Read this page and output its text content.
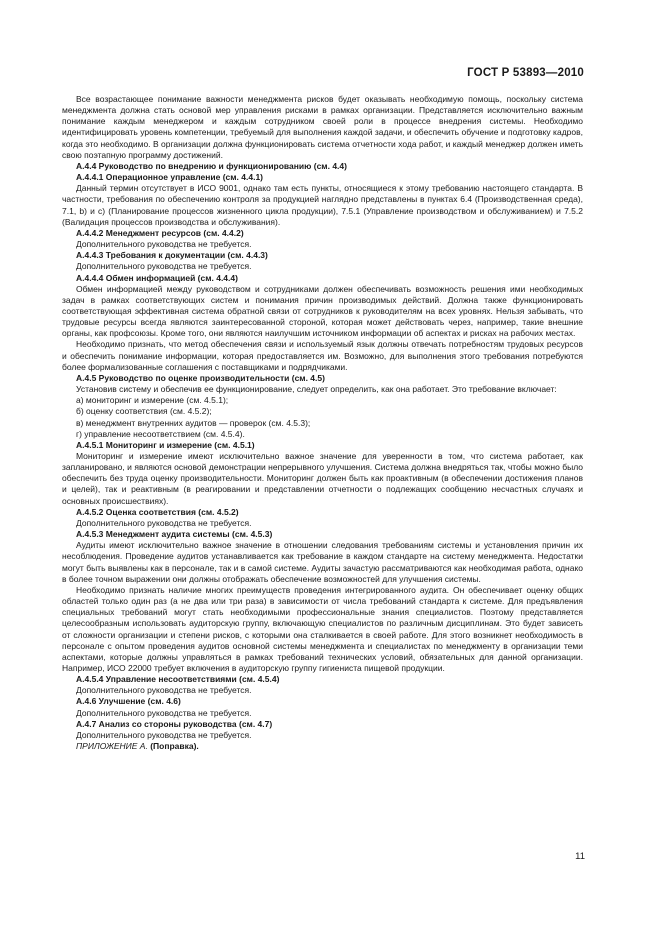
ГОСТ Р 53893—2010

Все возрастающее понимание важности менеджмента рисков будет оказывать необходимую помощь, поскольку система менеджмента должна стать основой мер управления рисками в рамках организации. Представляется исключительно важным понимание каждым менеджером и каждым сотрудником своей роли в процессе внедрения системы. Необходимо идентифицировать уровень компетенции, требуемый для выполнения каждой задачи, и обеспечить обучение и подготовку кадров, когда это необходимо. В организации должна функционировать система отчетности хода работ, и каждый менеджер должен иметь свою поэтапную программу достижений.

A.4.4 Руководство по внедрению и функционированию (см. 4.4)

A.4.4.1 Операционное управление (см. 4.4.1)

Данный термин отсутствует в ИСО 9001, однако там есть пункты, относящиеся к этому требованию настоящего стандарта. В частности, требования по обеспечению контроля за продукцией наглядно представлены в пунктах 6.4 (Производственная среда), 7.1, b) и с) (Планирование процессов жизненного цикла продукции), 7.5.1 (Управление производством и обслуживанием) и 7.5.2 (Валидация процессов производства и обслуживания).

A.4.4.2 Менеджмент ресурсов (см. 4.4.2)

Дополнительного руководства не требуется.

A.4.4.3 Требования к документации (см. 4.4.3)

Дополнительного руководства не требуется.

A.4.4.4 Обмен информацией (см. 4.4.4)

Обмен информацией между руководством и сотрудниками должен обеспечивать возможность решения ими необходимых задач в рамках соответствующих систем и понимания причин производимых действий. Должна также функционировать соответствующая эффективная система обратной связи от сотрудников к руководителям на всех уровнях. Нельзя забывать, что трудовые ресурсы всегда являются заинтересованной стороной, которая может действовать через, например, такие внешние органы, как профсоюзы. Кроме того, они являются наилучшим источником информации об аспектах и рисках на рабочих местах.

Необходимо признать, что метод обеспечения связи и используемый язык должны отвечать потребностям трудовых ресурсов и обеспечить понимание информации, которая предоставляется им. Возможно, для выполнения этого требования потребуются более формализованные соглашения с поставщиками и подрядчиками.

A.4.5 Руководство по оценке производительности (см. 4.5)

Установив систему и обеспечив ее функционирование, следует определить, как она работает. Это требование включает:

а) мониторинг и измерение (см. 4.5.1);

б) оценку соответствия (см. 4.5.2);

в) менеджмент внутренних аудитов — проверок (см. 4.5.3);

г) управление несоответствием (см. 4.5.4).

A.4.5.1 Мониторинг и измерение (см. 4.5.1)

Мониторинг и измерение имеют исключительно важное значение для уверенности в том, что система работает, как запланировано, и являются основой демонстрации непрерывного улучшения. Система должна внедряться так, чтобы можно было обеспечить без труда оценку производительности. Мониторинг должен быть как проактивным (в обеспечении достижения планов и целей), так и реактивным (в реагировании и представлении отчетности о подлежащих сообщению несчастных случаях и основных происшествиях).

A.4.5.2 Оценка соответствия (см. 4.5.2)

Дополнительного руководства не требуется.

A.4.5.3 Менеджмент аудита системы (см. 4.5.3)

Аудиты имеют исключительно важное значение в отношении следования требованиям системы и установления причин их несоблюдения. Проведение аудитов устанавливается как требование в каждом стандарте на систему менеджмента. Недостатки могут быть выявлены как в персонале, так и в самой системе. Аудиты зачастую рассматриваются как необходимая работа, однако в более точном выражении они должны отображать обеспечение возможностей для улучшения системы.

Необходимо признать наличие многих преимуществ проведения интегрированного аудита. Он обеспечивает оценку общих областей только один раз (а не два или три раза) в зависимости от числа требований стандарта к системе. Для предъявления специальных требований могут стать необходимыми профессиональные знания специалистов. Поэтому представляется целесообразным использовать аудиторскую группу, включающую специалистов по различным дисциплинам. Это будет зависеть от сложности организации и степени рисков, с которыми она сталкивается в своей работе. Для этого возникнет необходимость в персонале с опытом проведения аудитов основной системы менеджмента и специалистах по менеджменту в организации теми аспектами, которые должны управляться в рамках требований технических условий, обязательных для данной организации. Например, ИСО 22000 требует включения в аудиторскую группу гигиениста пищевой продукции.

A.4.5.4 Управление несоответствиями (см. 4.5.4)

Дополнительного руководства не требуется.

A.4.6 Улучшение (см. 4.6)

Дополнительного руководства не требуется.

A.4.7 Анализ со стороны руководства (см. 4.7)

Дополнительного руководства не требуется.

ПРИЛОЖЕНИЕ А. (Поправка).

11
